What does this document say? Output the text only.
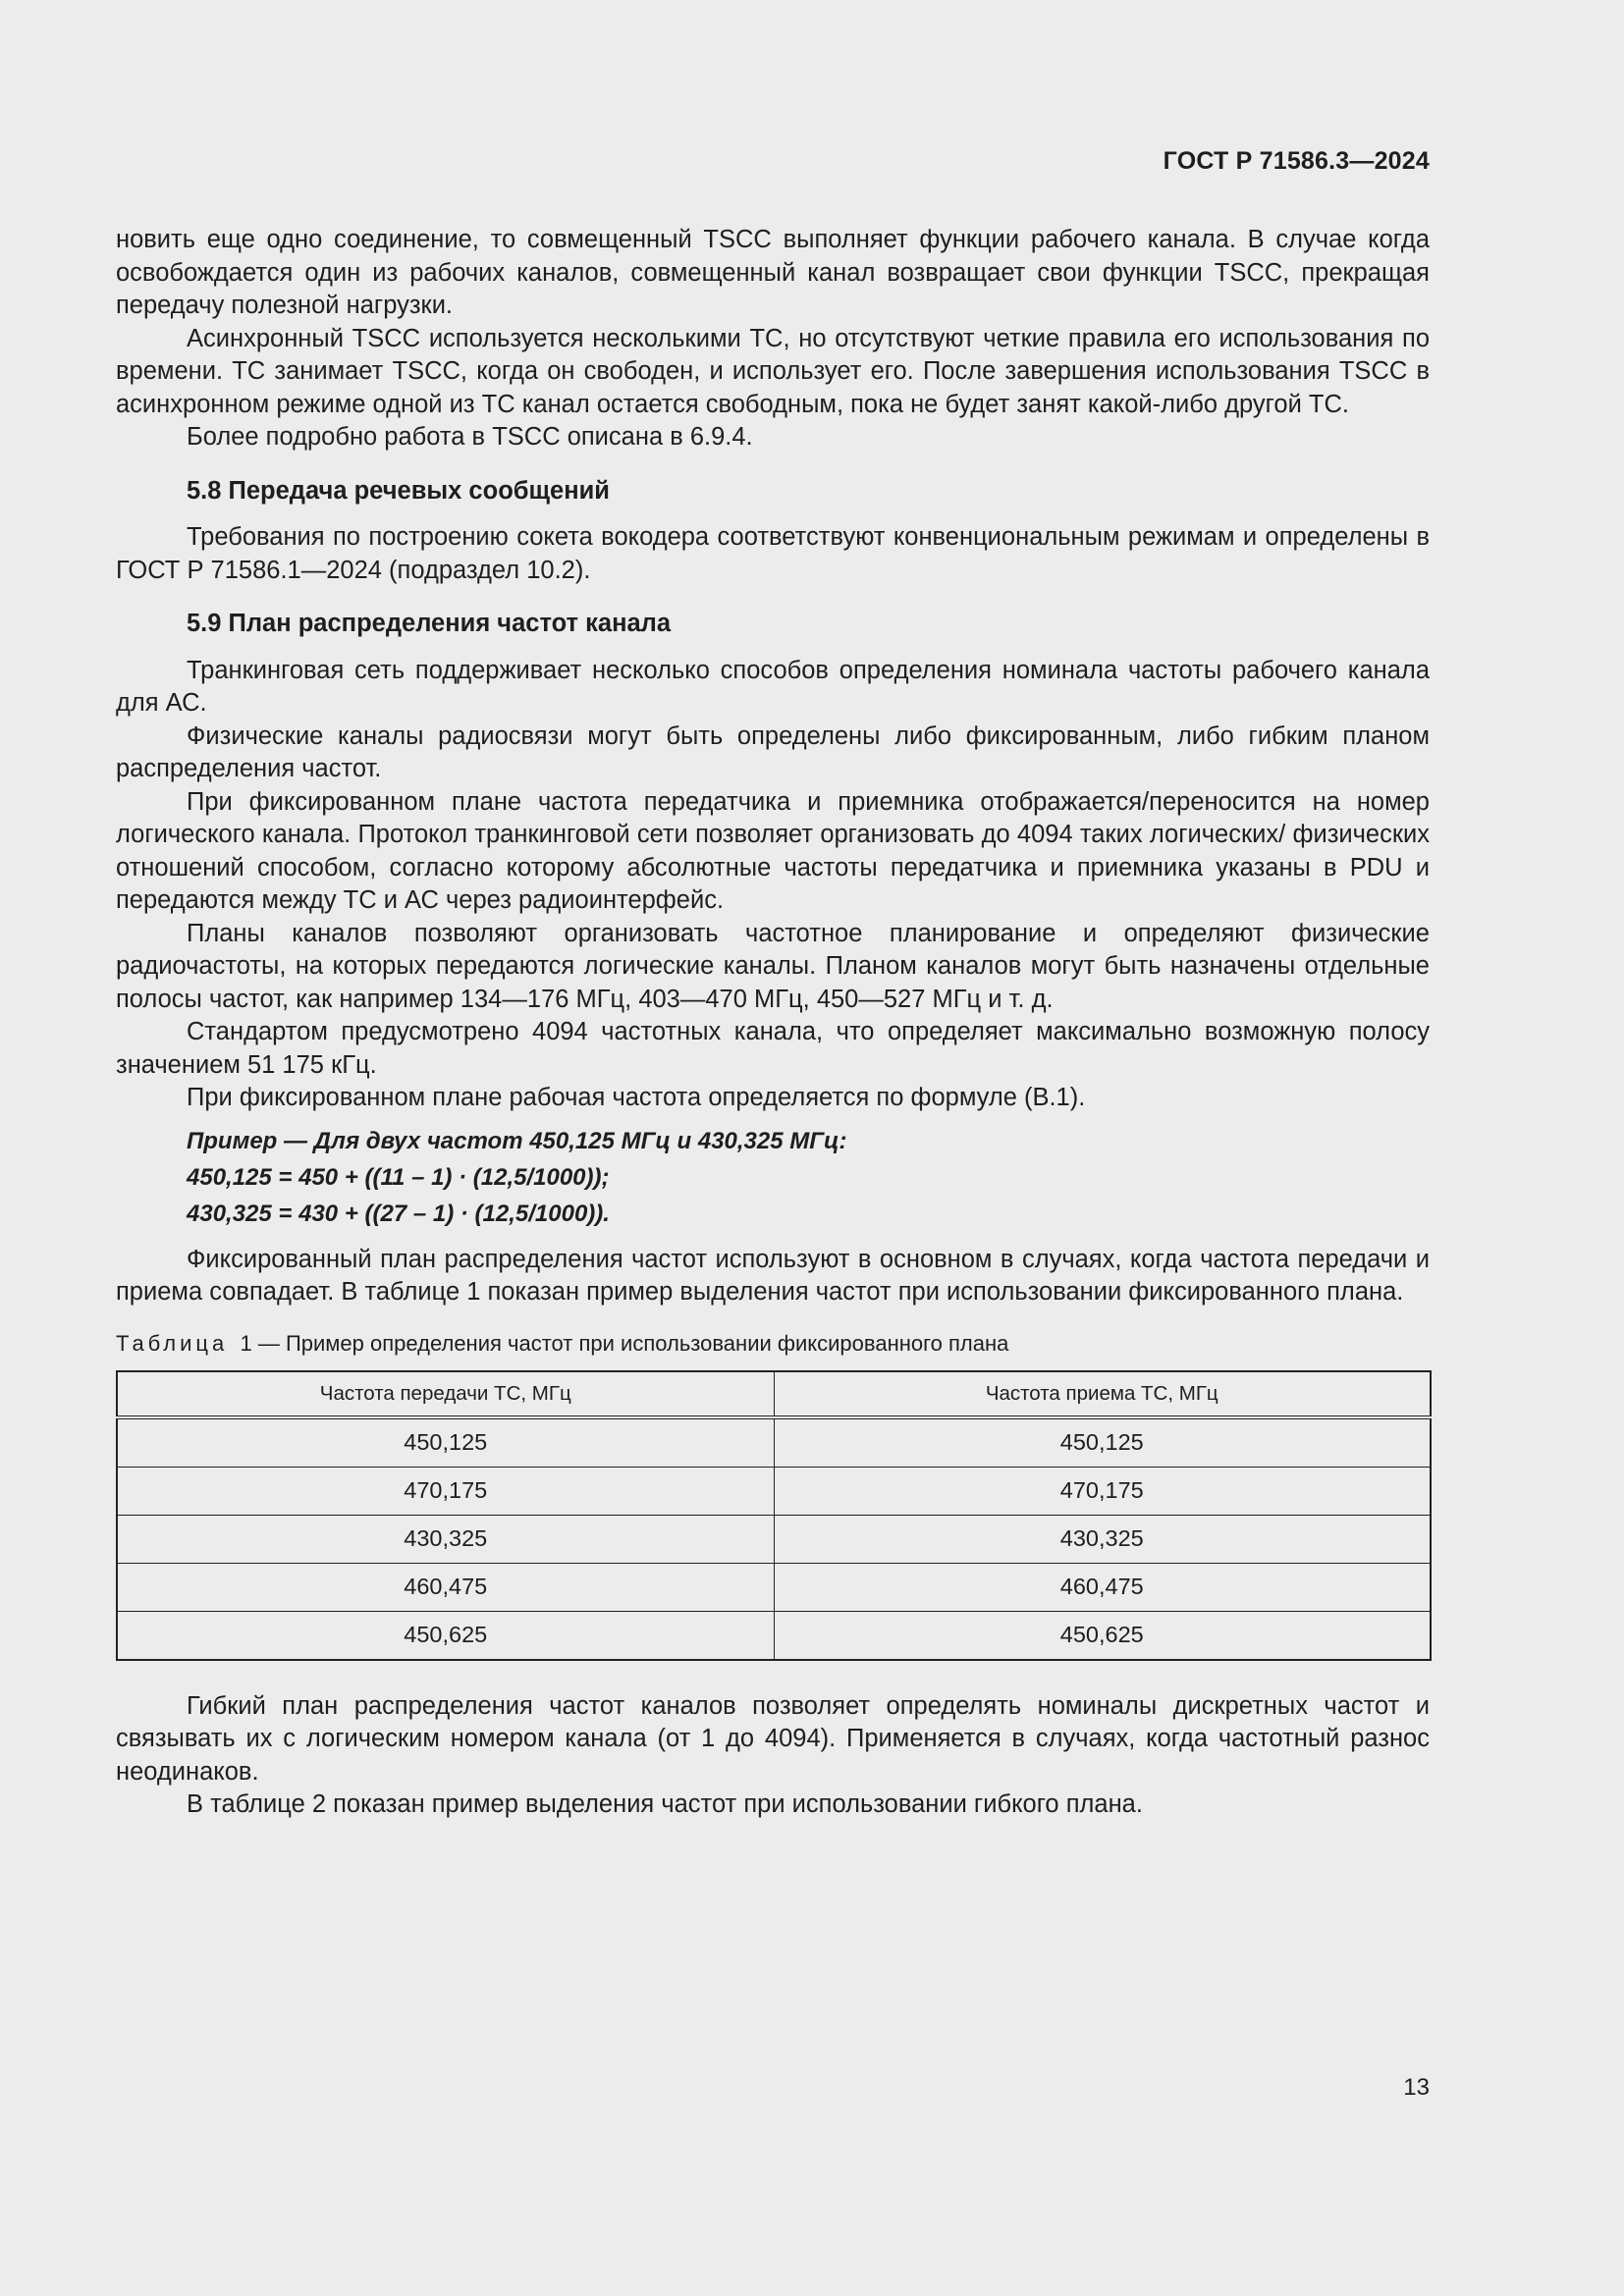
ГОСТ Р 71586.3—2024

новить еще одно соединение, то совмещенный TSCC выполняет функции рабочего канала. В случае когда освобождается один из рабочих каналов, совмещенный канал возвращает свои функции TSCC, прекращая передачу полезной нагрузки.

Асинхронный TSCC используется несколькими ТС, но отсутствуют четкие правила его использования по времени. ТС занимает TSCC, когда он свободен, и использует его. После завершения использования TSCC в асинхронном режиме одной из ТС канал остается свободным, пока не будет занят какой-либо другой ТС.

Более подробно работа в TSCC описана в 6.9.4.

5.8 Передача речевых сообщений

Требования по построению сокета вокодера соответствуют конвенциональным режимам и определены в ГОСТ Р 71586.1—2024 (подраздел 10.2).

5.9 План распределения частот канала

Транкинговая сеть поддерживает несколько способов определения номинала частоты рабочего канала для АС.

Физические каналы радиосвязи могут быть определены либо фиксированным, либо гибким планом распределения частот.

При фиксированном плане частота передатчика и приемника отображается/переносится на номер логического канала. Протокол транкинговой сети позволяет организовать до 4094 таких логических/ физических отношений способом, согласно которому абсолютные частоты передатчика и приемника указаны в PDU и передаются между ТС и АС через радиоинтерфейс.

Планы каналов позволяют организовать частотное планирование и определяют физические радиочастоты, на которых передаются логические каналы. Планом каналов могут быть назначены отдельные полосы частот, как например 134—176 МГц, 403—470 МГц, 450—527 МГц и т. д.

Стандартом предусмотрено 4094 частотных канала, что определяет максимально возможную полосу значением 51 175 кГц.

При фиксированном плане рабочая частота определяется по формуле (В.1).

Пример — Для двух частот 450,125 МГц и 430,325 МГц:

450,125 = 450 + ((11 – 1) · (12,5/1000));

430,325 = 430 + ((27 – 1) · (12,5/1000)).

Фиксированный план распределения частот используют в основном в случаях, когда частота передачи и приема совпадает. В таблице 1 показан пример выделения частот при использовании фиксированного плана.

Таблица 1 — Пример определения частот при использовании фиксированного плана

Частота передачи ТС, МГц	Частота приема ТС, МГц
450,125	450,125
470,175	470,175
430,325	430,325
460,475	460,475
450,625	450,625

Гибкий план распределения частот каналов позволяет определять номиналы дискретных частот и связывать их с логическим номером канала (от 1 до 4094). Применяется в случаях, когда частотный разнос неодинаков.

В таблице 2 показан пример выделения частот при использовании гибкого плана.

13
